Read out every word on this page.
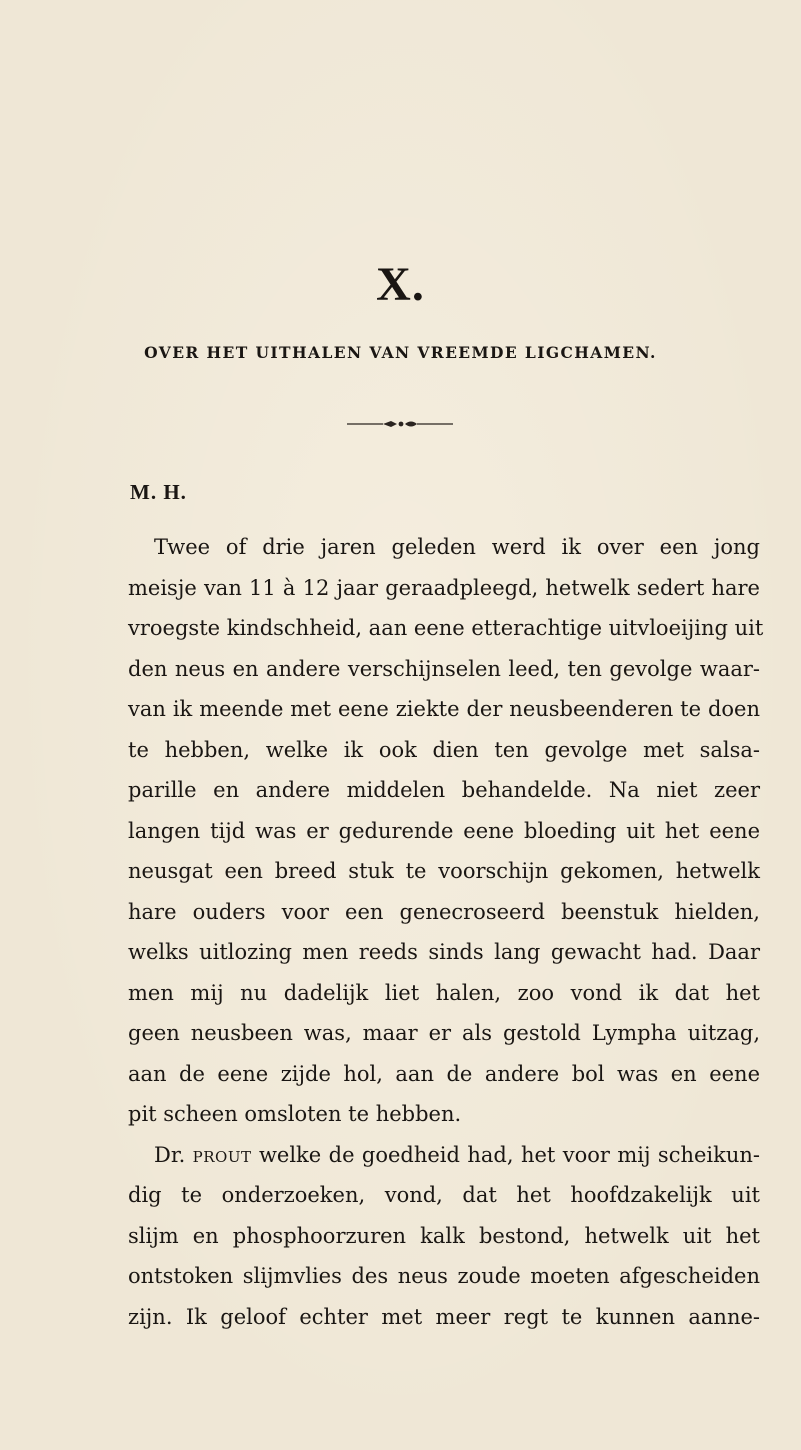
X.
OVER HET UITHALEN VAN VREEMDE LIGCHAMEN.
M. H.
Twee of drie jaren geleden werd ik over een jong
meisje van 11 à 12 jaar geraadpleegd, hetwelk sedert hare
vroegste kindschheid, aan eene etterachtige uitvloeijing uit
den neus en andere verschijnselen leed, ten gevolge waar-
van ik meende met eene ziekte der neusbeenderen te doen
te hebben, welke ik ook dien ten gevolge met salsa-
parille en andere middelen behandelde. Na niet zeer
langen tijd was er gedurende eene bloeding uit het eene
neusgat een breed stuk te voorschijn gekomen, hetwelk
hare ouders voor een genecroseerd beenstuk hielden,
welks uitlozing men reeds sinds lang gewacht had. Daar
men mij nu dadelijk liet halen, zoo vond ik dat het
geen neusbeen was, maar er als gestold Lympha uitzag,
aan de eene zijde hol, aan de andere bol was en eene
pit scheen omsloten te hebben.
Dr. PROUT welke de goedheid had, het voor mij scheikun-
dig te onderzoeken, vond, dat het hoofdzakelijk uit
slijm en phosphoorzuren kalk bestond, hetwelk uit het
ontstoken slijmvlies des neus zoude moeten afgescheiden
zijn. Ik geloof echter met meer regt te kunnen aanne-
